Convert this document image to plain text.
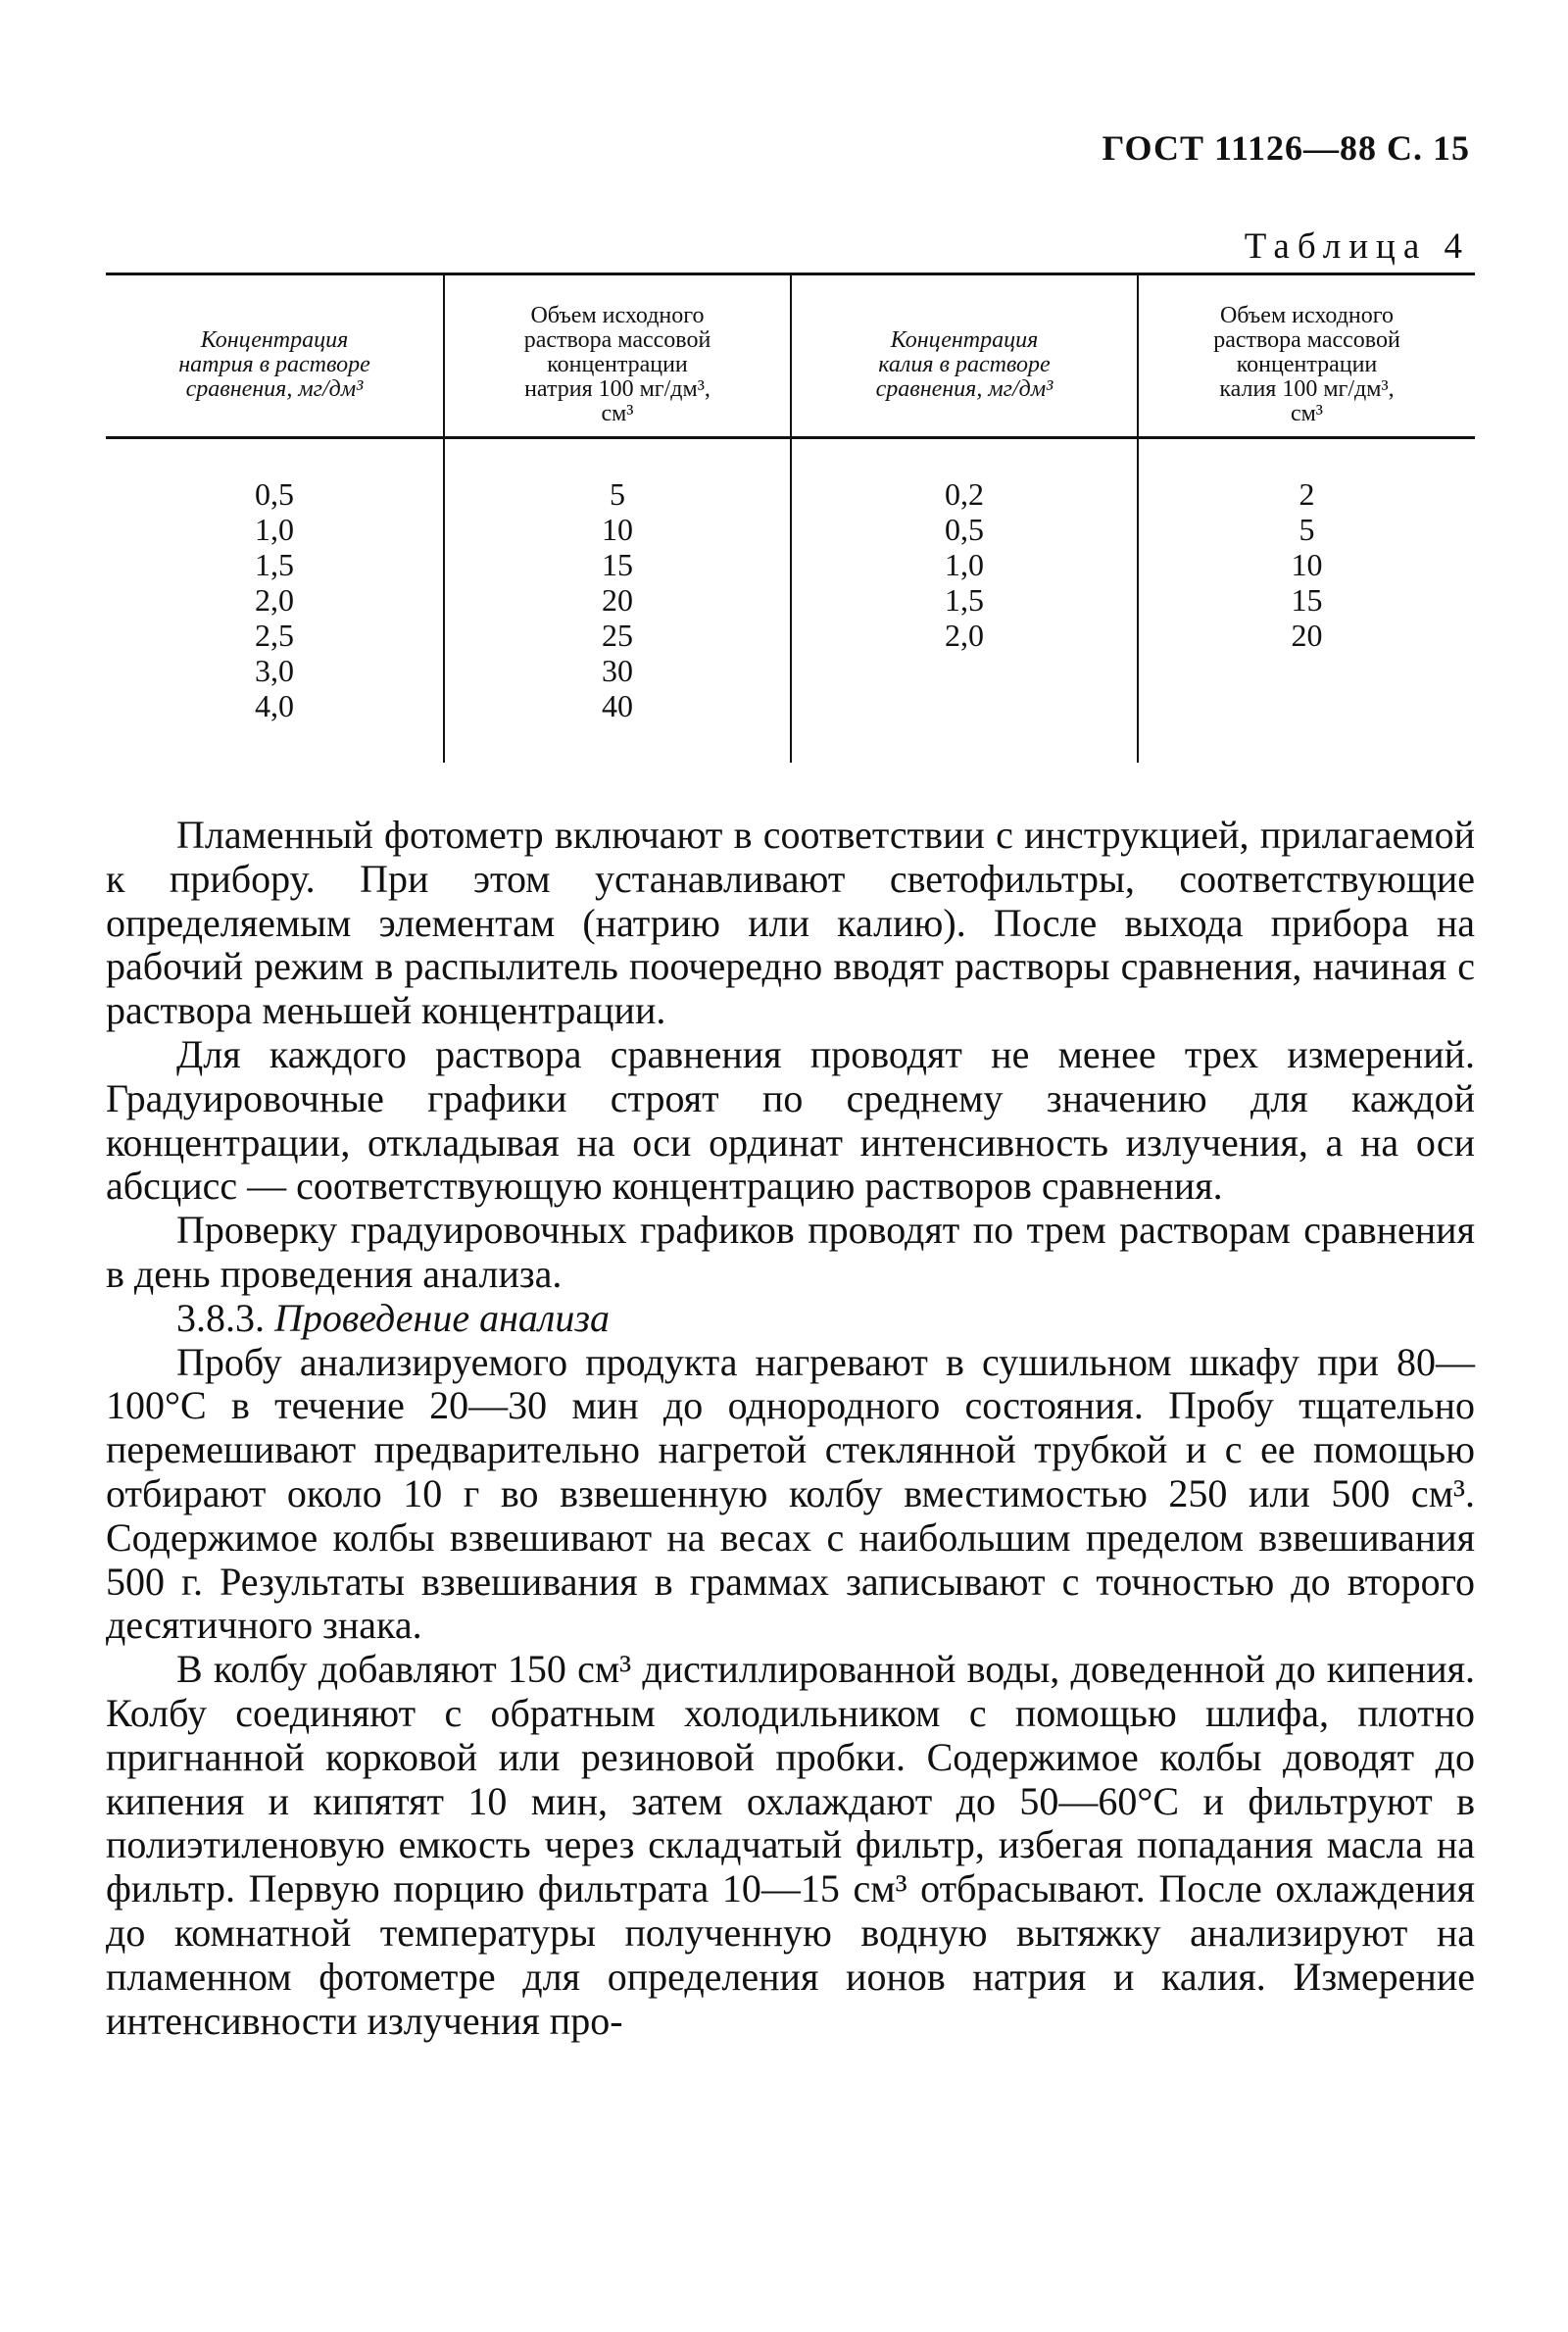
ГОСТ 11126—88 С. 15
Таблица 4
Концентрация
натрия в растворе
сравнения, мг/дм³
Объем исходного
раствора массовой
концентрации
натрия 100 мг/дм³,
см³
Концентрация
калия в растворе
сравнения, мг/дм³
Объем исходного
раствора массовой
концентрации
калия 100 мг/дм³,
см³
0,5
1,0
1,5
2,0
2,5
3,0
4,0
5
10
15
20
25
30
40
0,2
0,5
1,0
1,5
2,0
2
5
10
15
20

Пламенный фотометр включают в соответствии с инструкцией, прилагаемой к прибору. При этом устанавливают светофильтры, соответствующие определяемым элементам (натрию или калию). После выхода прибора на рабочий режим в распылитель поочередно вводят растворы сравнения, начиная с раствора меньшей концентрации.

Для каждого раствора сравнения проводят не менее трех измерений. Градуировочные графики строят по среднему значению для каждой концентрации, откладывая на оси ординат интенсивность излучения, а на оси абсцисс — соответствующую концентрацию растворов сравнения.

Проверку градуировочных графиков проводят по трем растворам сравнения в день проведения анализа.

3.8.3. Проведение анализа

Пробу анализируемого продукта нагревают в сушильном шкафу при 80—100°С в течение 20—30 мин до однородного состояния. Пробу тщательно перемешивают предварительно нагретой стеклянной трубкой и с ее помощью отбирают около 10 г во взвешенную колбу вместимостью 250 или 500 см³. Содержимое колбы взвешивают на весах с наибольшим пределом взвешивания 500 г. Результаты взвешивания в граммах записывают с точностью до второго десятичного знака.

В колбу добавляют 150 см³ дистиллированной воды, доведенной до кипения. Колбу соединяют с обратным холодильником с помощью шлифа, плотно пригнанной корковой или резиновой пробки. Содержимое колбы доводят до кипения и кипятят 10 мин, затем охлаждают до 50—60°С и фильтруют в полиэтиленовую емкость через складчатый фильтр, избегая попадания масла на фильтр. Первую порцию фильтрата 10—15 см³ отбрасывают. После охлаждения до комнатной температуры полученную водную вытяжку анализируют на пламенном фотометре для определения ионов натрия и калия. Измерение интенсивности излучения про-
